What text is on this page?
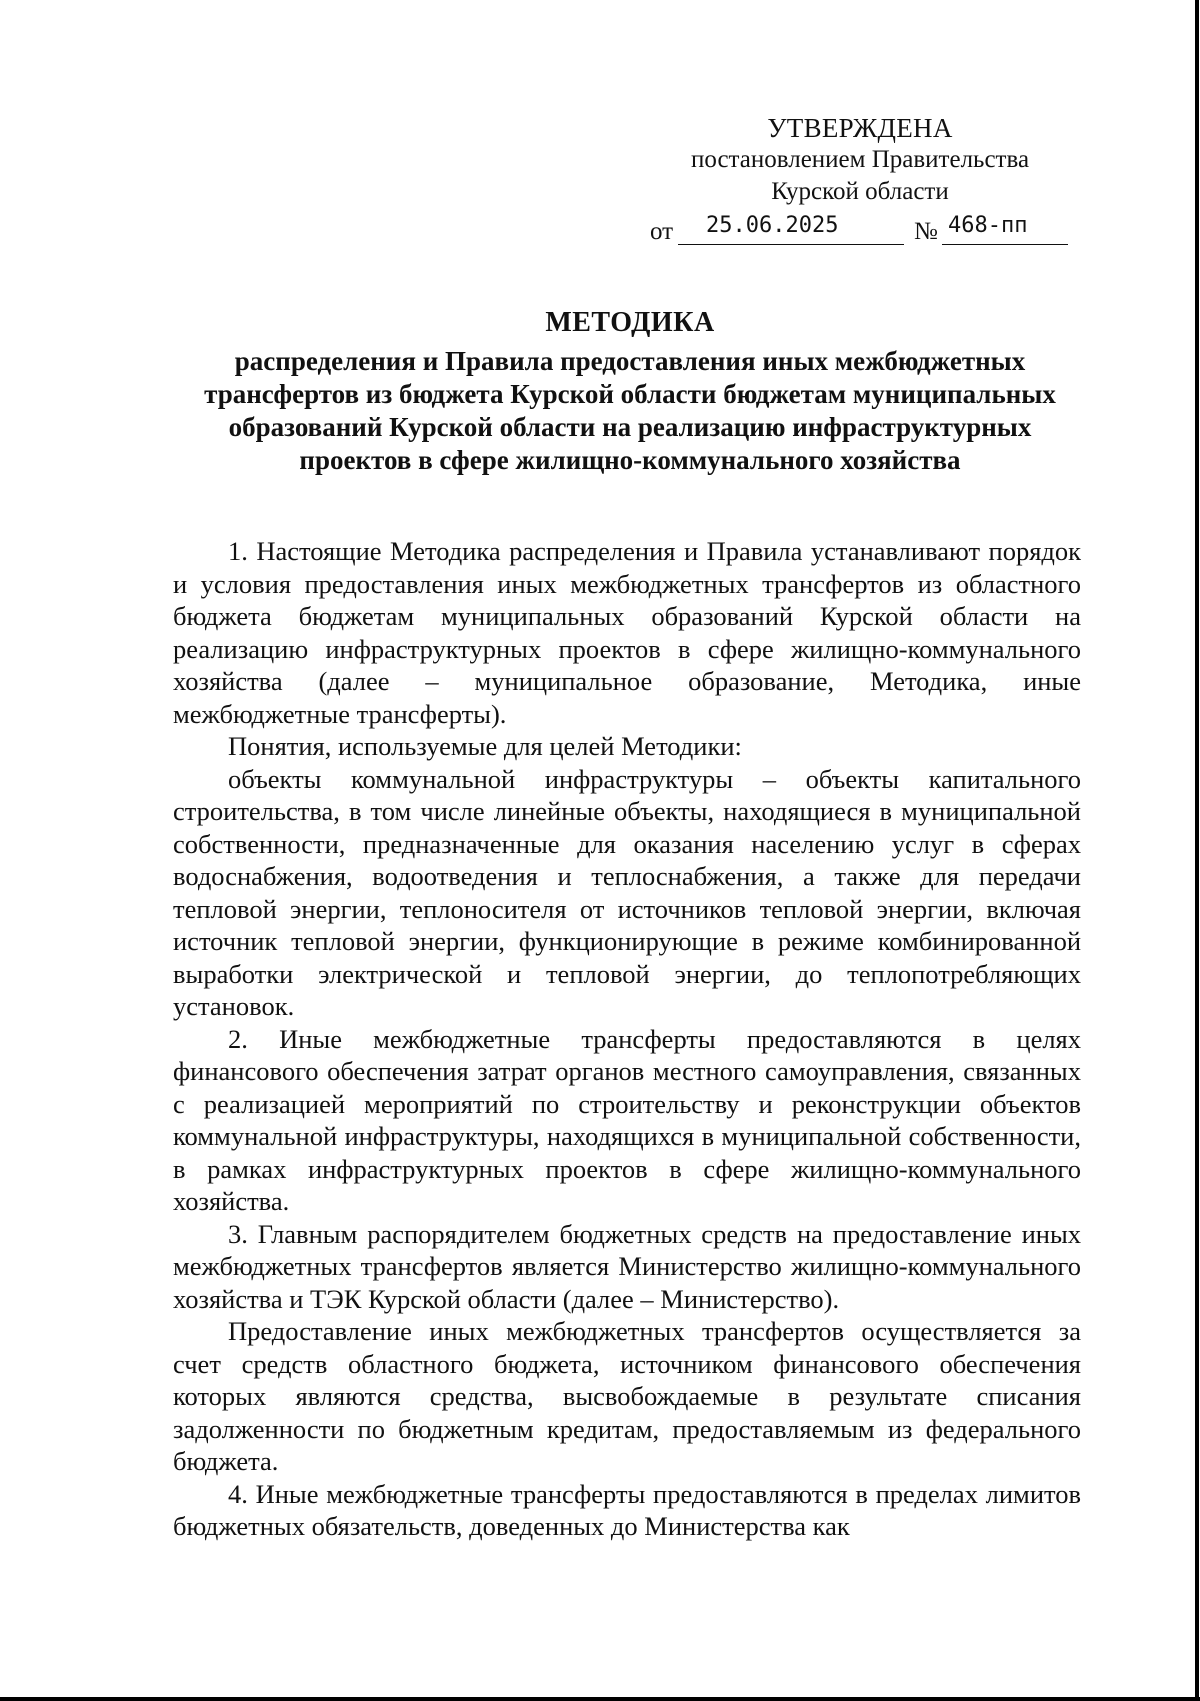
УТВЕРЖДЕНА
постановлением Правительства
Курской области
от 25.06.2025	№ 468-пп
МЕТОДИКА
распределения и Правила предоставления иных межбюджетных
трансфертов из бюджета Курской области бюджетам муниципальных
образований Курской области на реализацию инфраструктурных
проектов в сфере жилищно-коммунального хозяйства

1. Настоящие Методика распределения и Правила устанавливают порядок и условия предоставления иных межбюджетных трансфертов из областного бюджета бюджетам муниципальных образований Курской области на реализацию инфраструктурных проектов в сфере жилищно-коммунального хозяйства (далее – муниципальное образование, Методика, иные межбюджетные трансферты).

Понятия, используемые для целей Методики:

объекты коммунальной инфраструктуры – объекты капитального строительства, в том числе линейные объекты, находящиеся в муниципальной собственности, предназначенные для оказания населению услуг в сферах водоснабжения, водоотведения и теплоснабжения, а также для передачи тепловой энергии, теплоносителя от источников тепловой энергии, включая источник тепловой энергии, функционирующие в режиме комбинированной выработки электрической и тепловой энергии, до теплопотребляющих установок.

2. Иные межбюджетные трансферты предоставляются в целях финансового обеспечения затрат органов местного самоуправления, связанных с реализацией мероприятий по строительству и реконструкции объектов коммунальной инфраструктуры, находящихся в муниципальной собственности, в рамках инфраструктурных проектов в сфере жилищно-коммунального хозяйства.

3. Главным распорядителем бюджетных средств на предоставление иных межбюджетных трансфертов является Министерство жилищно-коммунального хозяйства и ТЭК Курской области (далее – Министерство).

Предоставление иных межбюджетных трансфертов осуществляется за счет средств областного бюджета, источником финансового обеспечения которых являются средства, высвобождаемые в результате списания задолженности по бюджетным кредитам, предоставляемым из федерального бюджета.

4. Иные межбюджетные трансферты предоставляются в пределах лимитов бюджетных обязательств, доведенных до Министерства как
